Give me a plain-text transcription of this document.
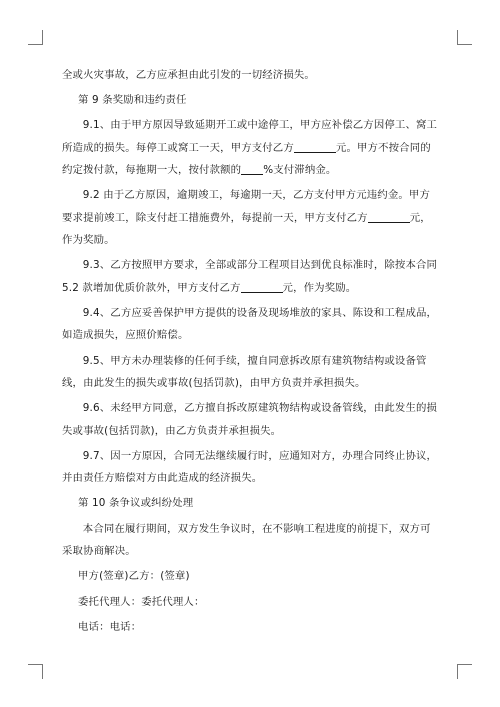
全或火灾事故，乙方应承担由此引发的一切经济损失。

第 9 条奖励和违约责任

9.1、由于甲方原因导致延期开工或中途停工，甲方应补偿乙方因停工、窝工所造成的损失。每停工或窝工一天，甲方支付乙方	元。甲方不按合同的约定拨付款，每拖期一大，按付款额的 %支付滞纳金。

9.2 由于乙方原因，逾期竣工，每逾期一天，乙方支付甲方元违约金。甲方要求提前竣工，除支付赶工措施费外，每提前一天，甲方支付乙方	元，作为奖励。

9.3、乙方按照甲方要求，全部或部分工程项目达到优良标准时，除按本合同 5.2 款增加优质价款外，甲方支付乙方	元，作为奖励。

9.4、乙方应妥善保护甲方提供的设备及现场堆放的家具、陈设和工程成品，如造成损失，应照价赔偿。

9.5、甲方未办理装修的任何手续，擅自同意拆改原有建筑物结构或设备管线，由此发生的损失或事故(包括罚款)，由甲方负责并承担损失。

9.6、未经甲方同意，乙方擅自拆改原建筑物结构或设备管线，由此发生的损失或事故(包括罚款)，由乙方负责并承担损失。

9.7、因一方原因，合同无法继续履行时，应通知对方，办理合同终止协议，并由责任方赔偿对方由此造成的经济损失。

第 10 条争议或纠纷处理

本合同在履行期间，双方发生争议时，在不影响工程进度的前提下，双方可采取协商解决。

甲方(签章)乙方：(签章)

委托代理人：委托代理人：

电话：电话：
